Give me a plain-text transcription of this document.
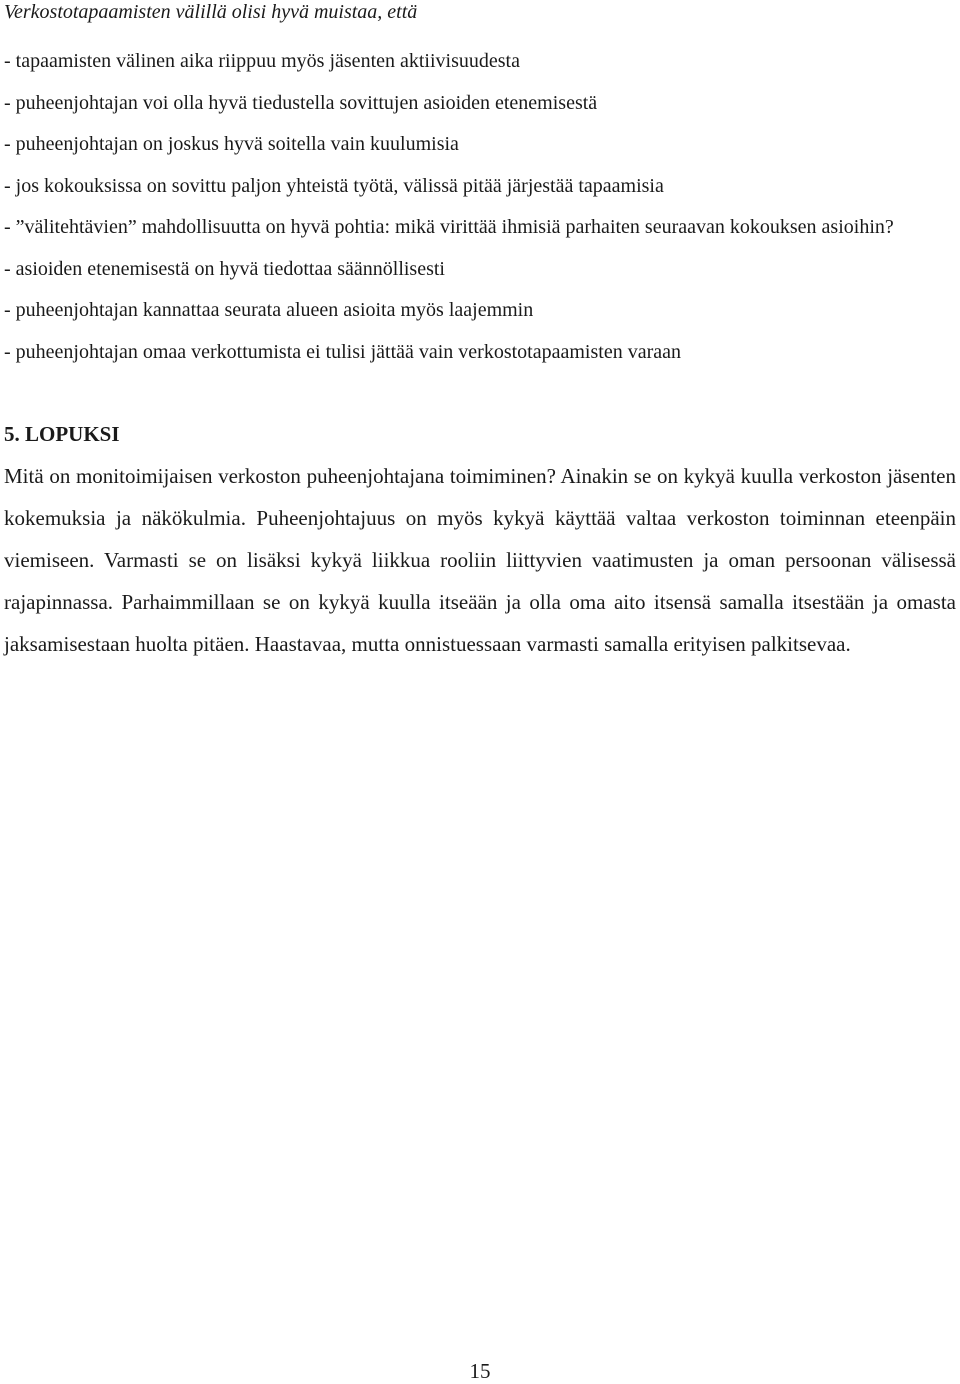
Verkostotapaamisten välillä olisi hyvä muistaa, että
- tapaamisten välinen aika riippuu myös jäsenten aktiivisuudesta
- puheenjohtajan voi olla hyvä tiedustella sovittujen asioiden etenemisestä
- puheenjohtajan on joskus hyvä soitella vain kuulumisia
- jos kokouksissa on sovittu paljon yhteistä työtä, välissä pitää järjestää tapaamisia
- ”välitehtävien” mahdollisuutta on hyvä pohtia: mikä virittää ihmisiä parhaiten seuraavan kokouksen asioihin?
- asioiden etenemisestä on hyvä tiedottaa säännöllisesti
- puheenjohtajan kannattaa seurata alueen asioita myös laajemmin
- puheenjohtajan omaa verkottumista ei tulisi jättää vain verkostotapaamisten varaan
5. LOPUKSI

Mitä on monitoimijaisen verkoston puheenjohtajana toimiminen? Ainakin se on kykyä kuulla verkoston jäsenten kokemuksia ja näkökulmia. Puheenjohtajuus on myös kykyä käyttää valtaa verkoston toiminnan eteenpäin viemiseen. Varmasti se on lisäksi kykyä liikkua rooliin liittyvien vaatimusten ja oman persoonan välisessä rajapinnassa. Parhaimmillaan se on kykyä kuulla itseään ja olla oma aito itsensä samalla itsestään ja omasta jaksamisestaan huolta pitäen. Haastavaa, mutta onnistuessaan varmasti samalla erityisen palkitsevaa.

15
